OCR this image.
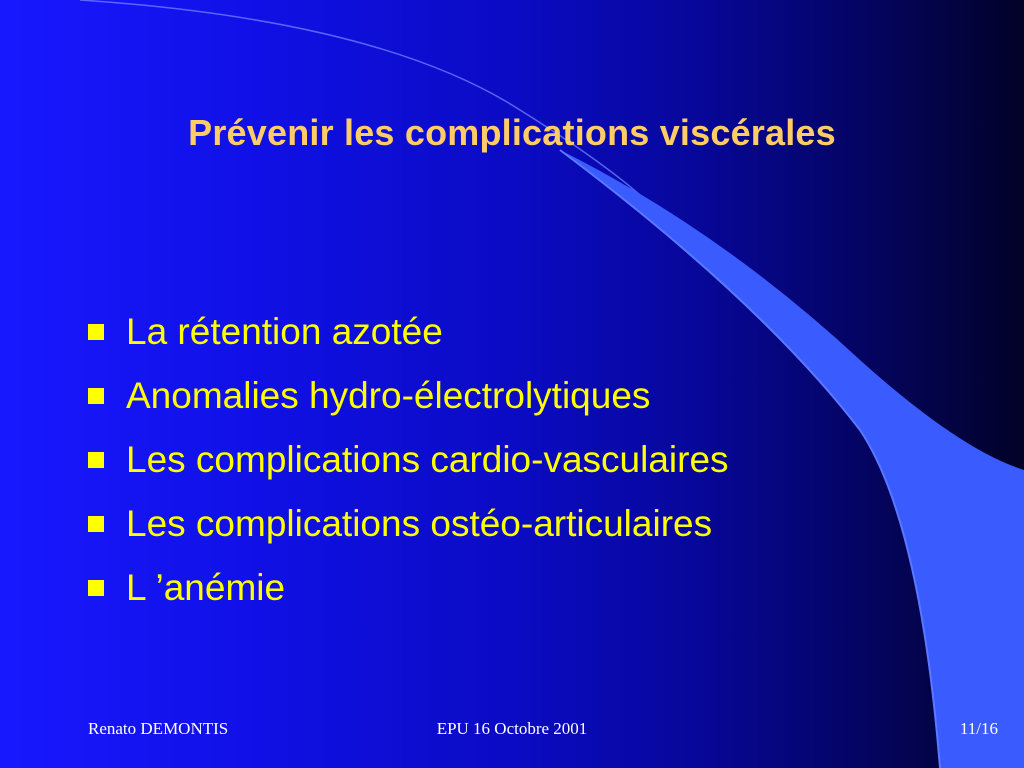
Prévenir les complications viscérales
La rétention azotée
Anomalies hydro-électrolytiques
Les complications cardio-vasculaires
Les complications ostéo-articulaires
L ’anémie
Renato DEMONTIS	EPU 16 Octobre 2001	11/16
